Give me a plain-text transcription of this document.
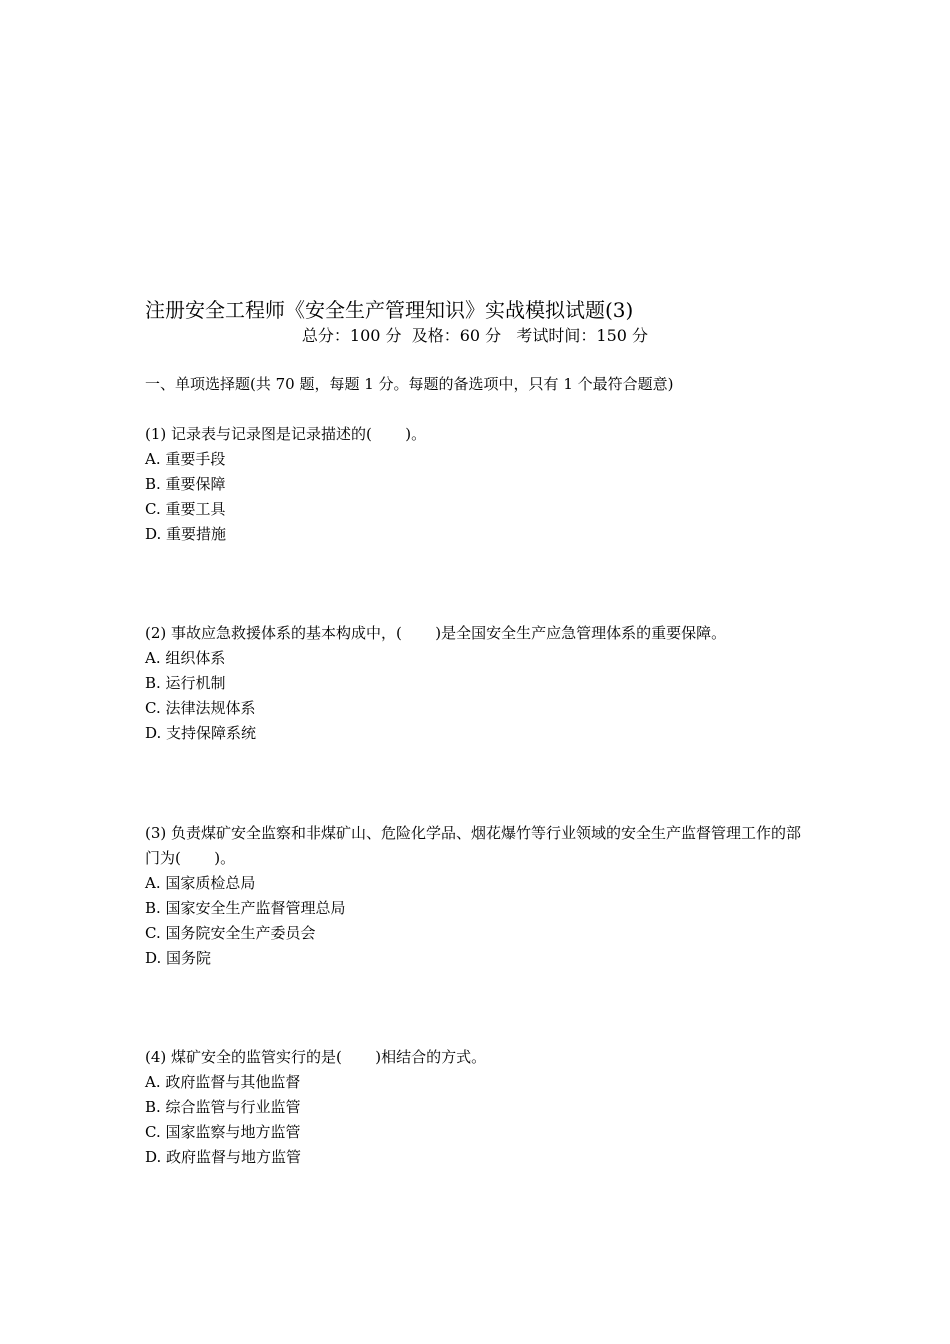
注册安全工程师《安全生产管理知识》实战模拟试题(3)
总分：100 分  及格：60 分   考试时间：150 分
一、单项选择题(共 70 题，每题 1 分。每题的备选项中，只有 1 个最符合题意)
(1) 记录表与记录图是记录描述的(       )。
A. 重要手段
B. 重要保障
C. 重要工具
D. 重要措施
(2) 事故应急救援体系的基本构成中，(       )是全国安全生产应急管理体系的重要保障。
A. 组织体系
B. 运行机制
C. 法律法规体系
D. 支持保障系统
(3) 负责煤矿安全监察和非煤矿山、危险化学品、烟花爆竹等行业领域的安全生产监督管理工作的部门为(       )。
A. 国家质检总局
B. 国家安全生产监督管理总局
C. 国务院安全生产委员会
D. 国务院
(4) 煤矿安全的监管实行的是(       )相结合的方式。
A. 政府监督与其他监督
B. 综合监管与行业监管
C. 国家监察与地方监管
D. 政府监督与地方监管
